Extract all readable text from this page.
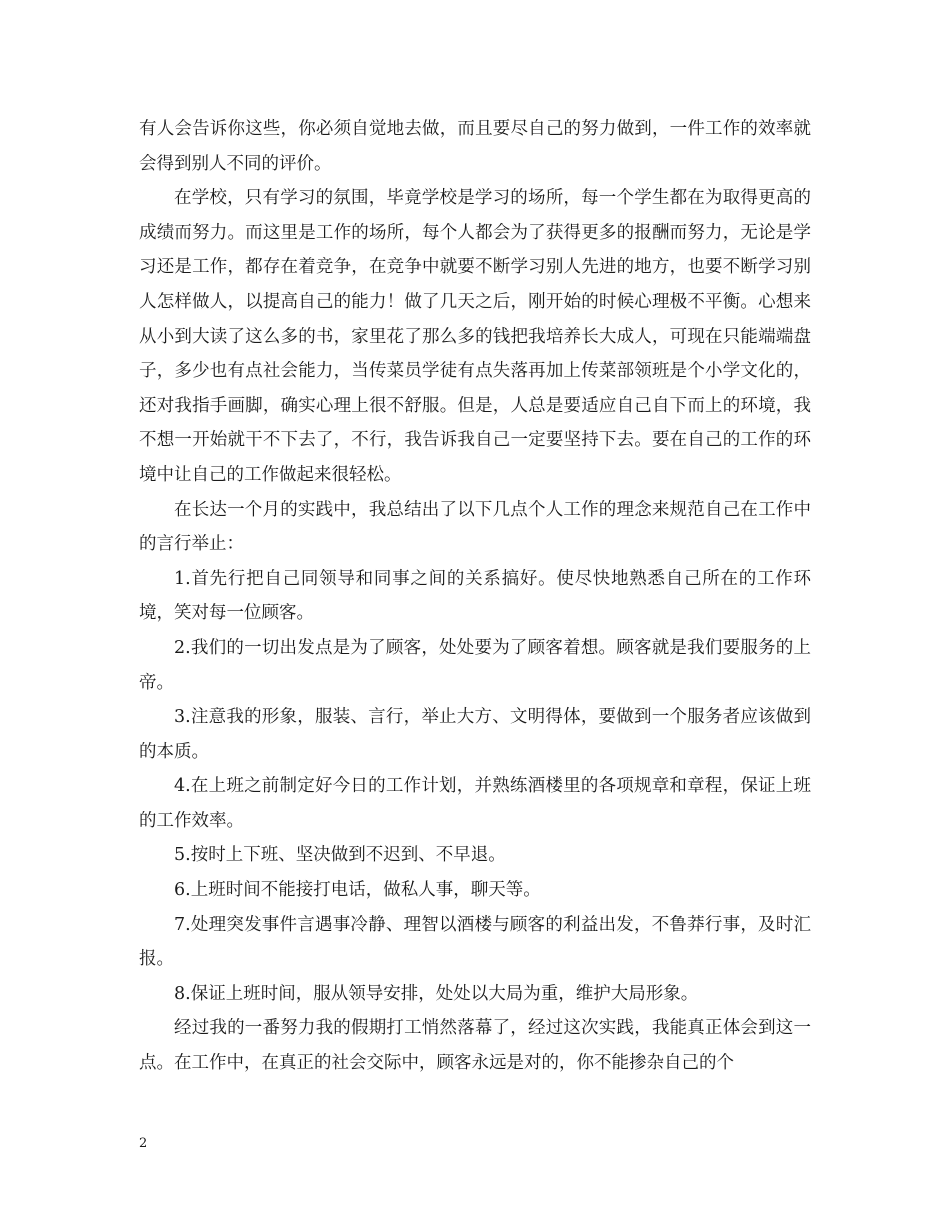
有人会告诉你这些，你必须自觉地去做，而且要尽自己的努力做到，一件工作的效率就会得到别人不同的评价。

在学校，只有学习的氛围，毕竟学校是学习的场所，每一个学生都在为取得更高的成绩而努力。而这里是工作的场所，每个人都会为了获得更多的报酬而努力，无论是学习还是工作，都存在着竞争，在竞争中就要不断学习别人先进的地方，也要不断学习别人怎样做人，以提高自己的能力！做了几天之后，刚开始的时候心理极不平衡。心想来从小到大读了这么多的书，家里花了那么多的钱把我培养长大成人，可现在只能端端盘子，多少也有点社会能力，当传菜员学徒有点失落再加上传菜部领班是个小学文化的，还对我指手画脚，确实心理上很不舒服。但是，人总是要适应自己自下而上的环境，我不想一开始就干不下去了，不行，我告诉我自己一定要坚持下去。要在自己的工作的环境中让自己的工作做起来很轻松。

在长达一个月的实践中，我总结出了以下几点个人工作的理念来规范自己在工作中的言行举止：

1.首先行把自己同领导和同事之间的关系搞好。使尽快地熟悉自己所在的工作环境，笑对每一位顾客。

2.我们的一切出发点是为了顾客，处处要为了顾客着想。顾客就是我们要服务的上帝。

3.注意我的形象，服装、言行，举止大方、文明得体，要做到一个服务者应该做到的本质。

4.在上班之前制定好今日的工作计划，并熟练酒楼里的各项规章和章程，保证上班的工作效率。

5.按时上下班、坚决做到不迟到、不早退。

6.上班时间不能接打电话，做私人事，聊天等。

7.处理突发事件言遇事冷静、理智以酒楼与顾客的利益出发，不鲁莽行事，及时汇报。

8.保证上班时间，服从领导安排，处处以大局为重，维护大局形象。

经过我的一番努力我的假期打工悄然落幕了，经过这次实践，我能真正体会到这一点。在工作中，在真正的社会交际中，顾客永远是对的，你不能掺杂自己的个

2
